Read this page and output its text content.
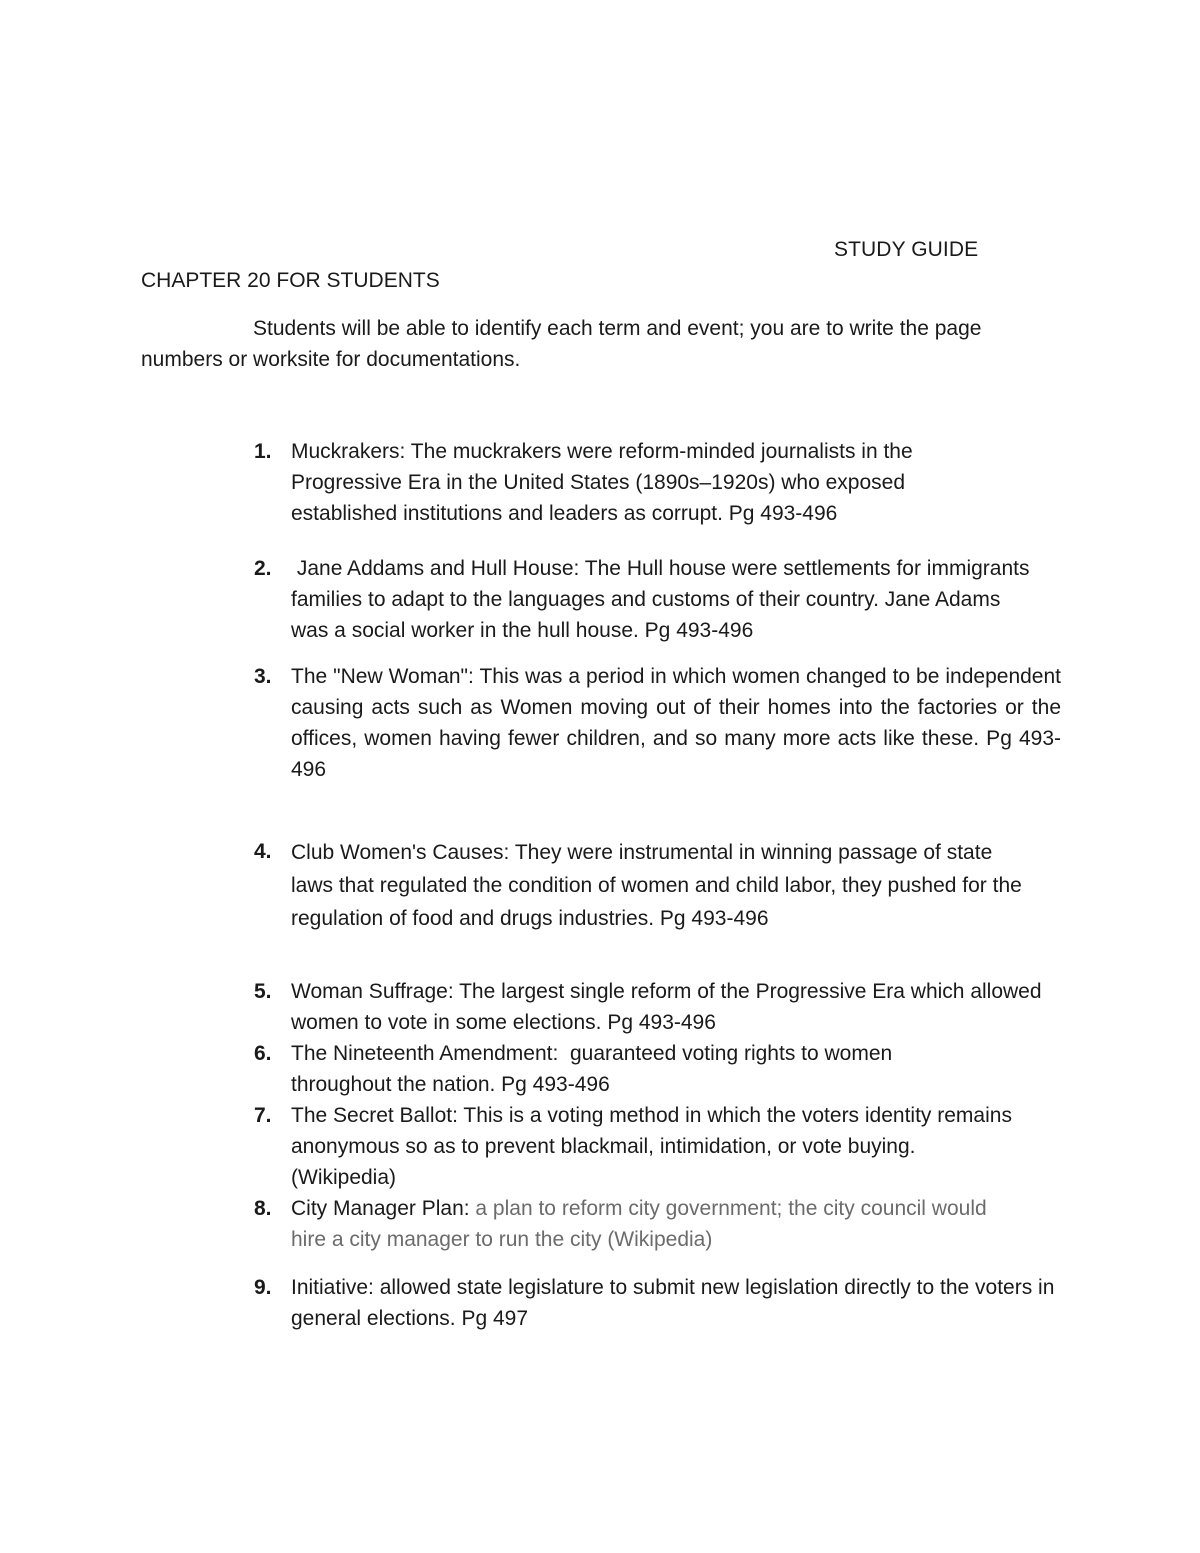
STUDY GUIDE
CHAPTER 20 FOR STUDENTS
Students will be able to identify each term and event; you are to write the page numbers or worksite for documentations.
1. Muckrakers: The muckrakers were reform-minded journalists in the Progressive Era in the United States (1890s–1920s) who exposed established institutions and leaders as corrupt. Pg 493-496
2. Jane Addams and Hull House: The Hull house were settlements for immigrants families to adapt to the languages and customs of their country. Jane Adams was a social worker in the hull house. Pg 493-496
3. The "New Woman": This was a period in which women changed to be independent causing acts such as Women moving out of their homes into the factories or the offices, women having fewer children, and so many more acts like these. Pg 493-496
4. Club Women's Causes: They were instrumental in winning passage of state laws that regulated the condition of women and child labor, they pushed for the regulation of food and drugs industries. Pg 493-496
5. Woman Suffrage: The largest single reform of the Progressive Era which allowed women to vote in some elections. Pg 493-496
6. The Nineteenth Amendment:  guaranteed voting rights to women throughout the nation. Pg 493-496
7. The Secret Ballot: This is a voting method in which the voters identity remains anonymous so as to prevent blackmail, intimidation, or vote buying.     (Wikipedia)
8. City Manager Plan: a plan to reform city government; the city council would hire a city manager to run the city (Wikipedia)
9. Initiative: allowed state legislature to submit new legislation directly to the voters in general elections. Pg 497
